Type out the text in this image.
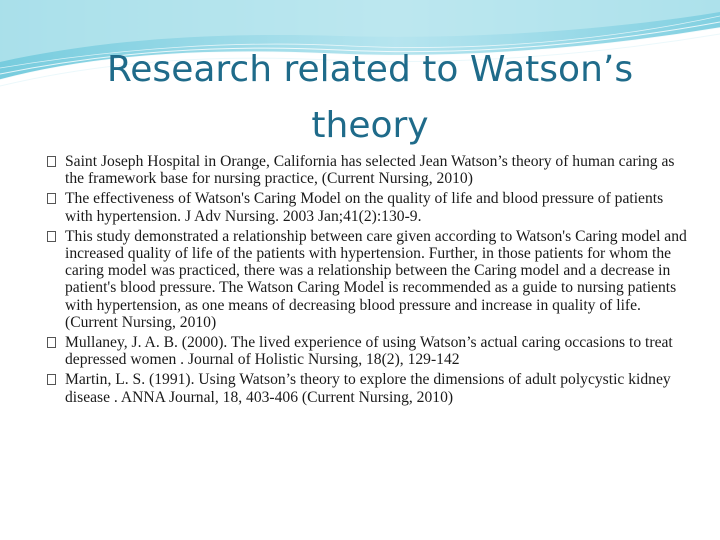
Research related to Watson’s theory
Saint Joseph Hospital in Orange, California has selected Jean Watson’s theory of human caring as the framework base for nursing practice, (Current Nursing, 2010)
The effectiveness of Watson's Caring Model on the quality of life and blood pressure of patients with hypertension. J Adv Nursing. 2003 Jan;41(2):130-9.
This study demonstrated a relationship between care given according to Watson's Caring model and increased quality of life of the patients with hypertension. Further, in those patients for whom the caring model was practiced, there was a relationship between the Caring model and a decrease in patient's blood pressure. The Watson Caring Model is recommended as a guide to nursing patients with hypertension, as one means of decreasing blood pressure and increase in quality of life. (Current Nursing, 2010)
Mullaney, J. A. B. (2000). The lived experience of using Watson’s actual caring occasions to treat depressed women . Journal of Holistic Nursing, 18(2), 129-142
Martin, L. S. (1991). Using Watson’s theory to explore the dimensions of adult polycystic kidney disease . ANNA Journal, 18, 403-406 (Current Nursing, 2010)
